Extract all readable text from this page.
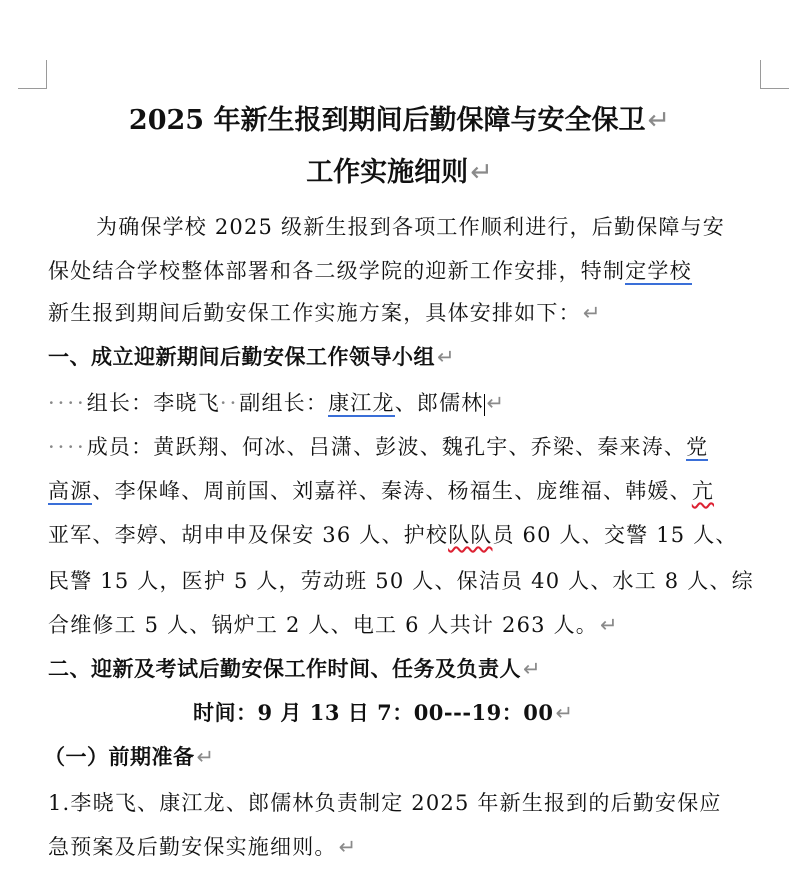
2025 年新生报到期间后勤保障与安全保卫↵
工作实施细则↵
为确保学校 2025 级新生报到各项工作顺利进行，后勤保障与安
保处结合学校整体部署和各二级学院的迎新工作安排，特制定学校
新生报到期间后勤安保工作实施方案，具体安排如下：↵
一、成立迎新期间后勤安保工作领导小组↵
····组长：李晓飞··副组长：康江龙、郎儒林 ↵
····成员：黄跃翔、何冰、吕潇、彭波、魏孔宇、乔梁、秦来涛、党
高源、李保峰、周前国、刘嘉祥、秦涛、杨福生、庞维福、韩媛、亢
亚军、李婷、胡申申及保安 36 人、护校队队员 60 人、交警 15 人、
民警 15 人，医护 5 人，劳动班 50 人、保洁员 40 人、水工 8 人、综
合维修工 5 人、锅炉工 2 人、电工 6 人共计 263 人。↵
二、迎新及考试后勤安保工作时间、任务及负责人↵
时间：9 月 13 日 7：00---19：00↵
（一）前期准备↵
1.李晓飞、康江龙、郎儒林负责制定 2025 年新生报到的后勤安保应
急预案及后勤安保实施细则。↵
